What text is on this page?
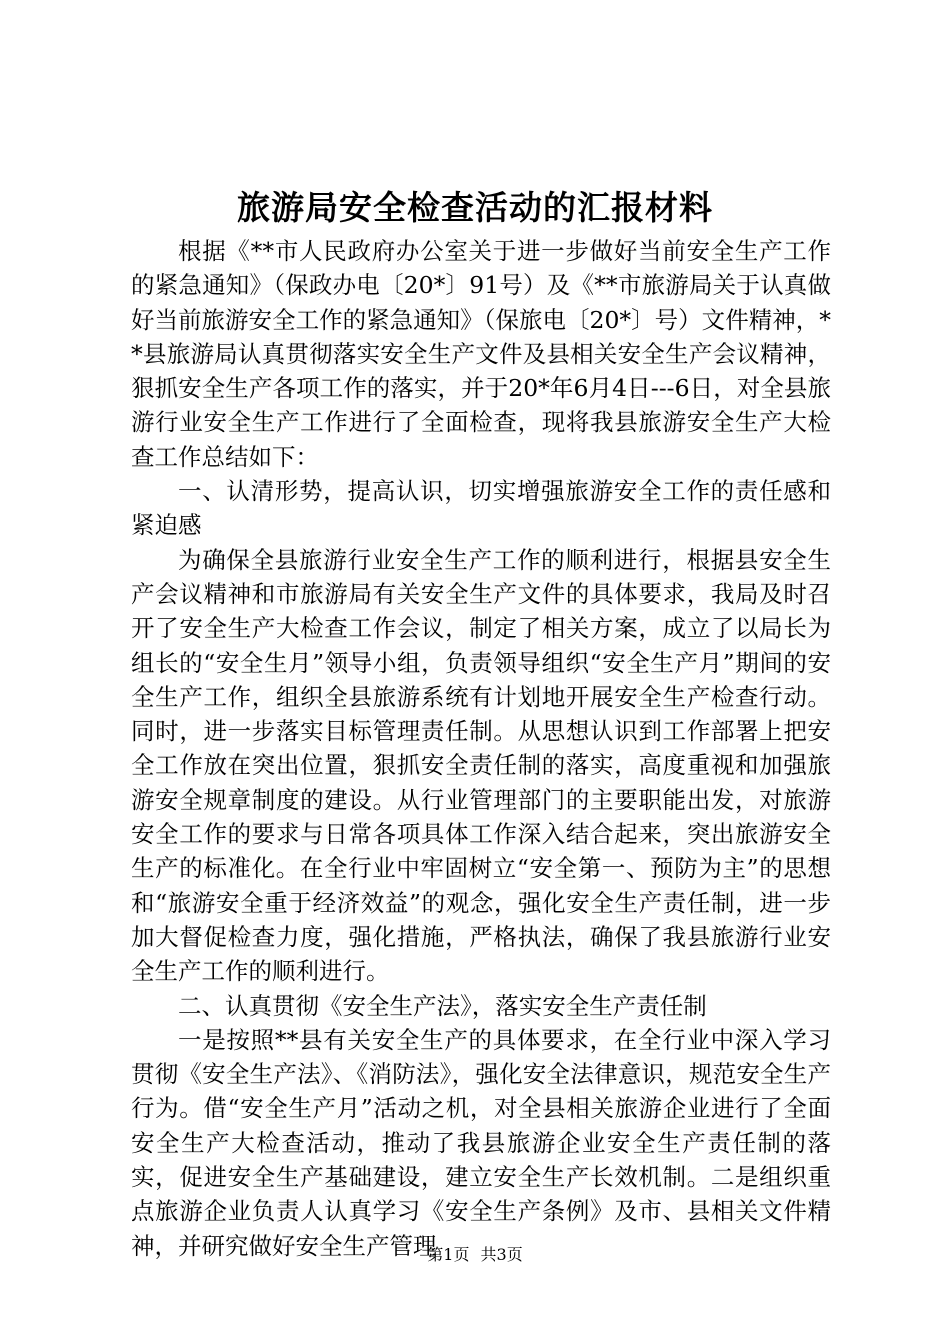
旅游局安全检查活动的汇报材料

根据《**市人民政府办公室关于进一步做好当前安全生产工作的紧急通知》（保政办电〔20*〕91号）及《**市旅游局关于认真做好当前旅游安全工作的紧急通知》（保旅电〔20*〕号）文件精神，**县旅游局认真贯彻落实安全生产文件及县相关安全生产会议精神，狠抓安全生产各项工作的落实，并于20*年6月4日---6日，对全县旅游行业安全生产工作进行了全面检查，现将我县旅游安全生产大检查工作总结如下：

一、认清形势，提高认识，切实增强旅游安全工作的责任感和紧迫感

为确保全县旅游行业安全生产工作的顺利进行，根据县安全生产会议精神和市旅游局有关安全生产文件的具体要求，我局及时召开了安全生产大检查工作会议，制定了相关方案，成立了以局长为组长的“安全生月”领导小组，负责领导组织“安全生产月”期间的安全生产工作，组织全县旅游系统有计划地开展安全生产检查行动。同时，进一步落实目标管理责任制。从思想认识到工作部署上把安全工作放在突出位置，狠抓安全责任制的落实，高度重视和加强旅游安全规章制度的建设。从行业管理部门的主要职能出发，对旅游安全工作的要求与日常各项具体工作深入结合起来，突出旅游安全生产的标准化。在全行业中牢固树立“安全第一、预防为主”的思想和“旅游安全重于经济效益”的观念，强化安全生产责任制，进一步加大督促检查力度，强化措施，严格执法，确保了我县旅游行业安全生产工作的顺利进行。

二、认真贯彻《安全生产法》，落实安全生产责任制

一是按照**县有关安全生产的具体要求，在全行业中深入学习贯彻《安全生产法》、《消防法》，强化安全法律意识，规范安全生产行为。借“安全生产月”活动之机，对全县相关旅游企业进行了全面安全生产大检查活动，推动了我县旅游企业安全生产责任制的落实，促进安全生产基础建设，建立安全生产长效机制。二是组织重点旅游企业负责人认真学习《安全生产条例》及市、县相关文件精神，并研究做好安全生产管理

第1页 共3页
